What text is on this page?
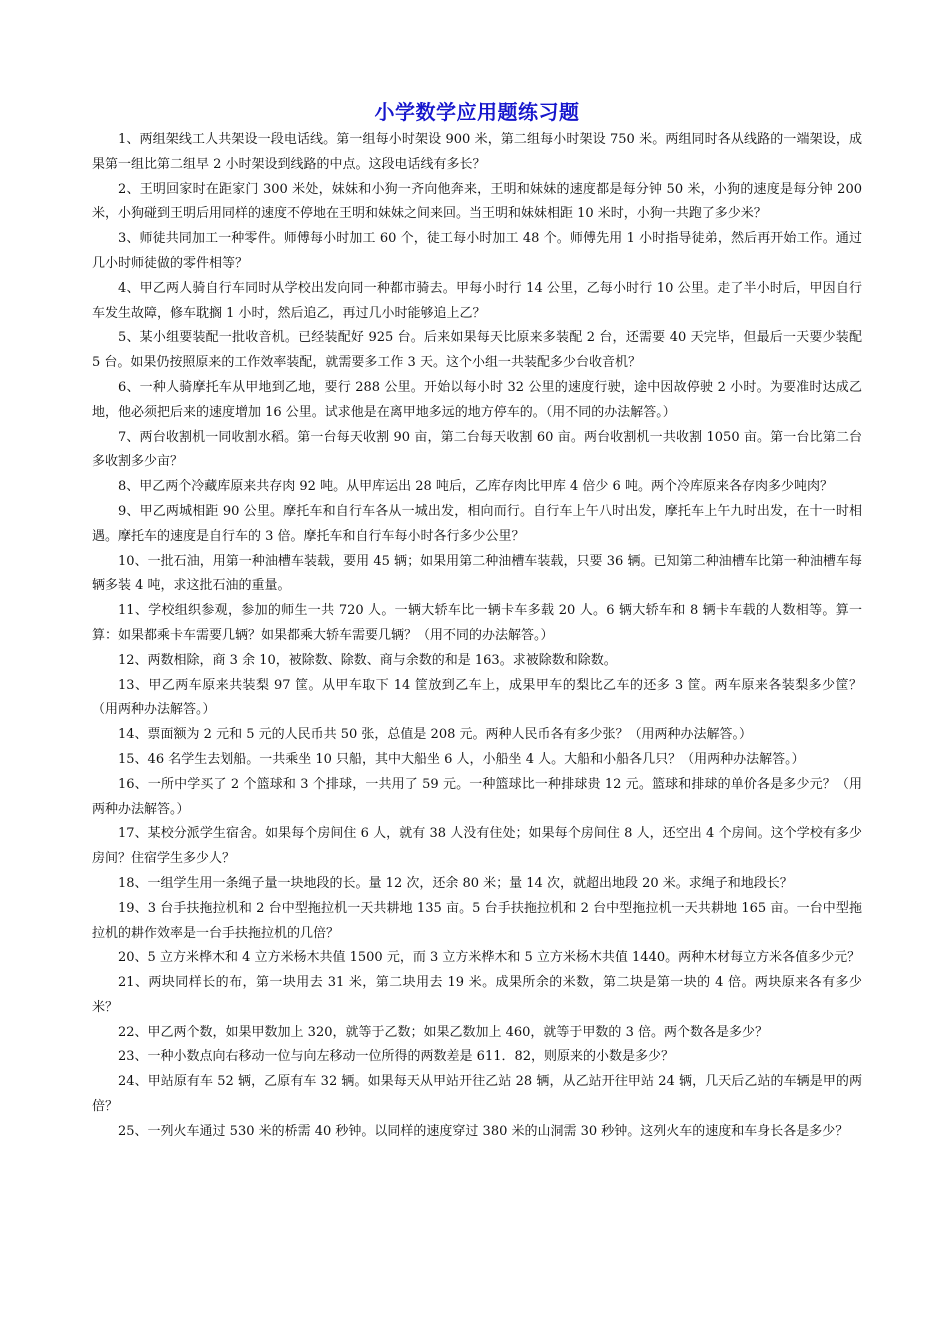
小学数学应用题练习题
1、两组架线工人共架设一段电话线。第一组每小时架设 900 米，第二组每小时架设 750 米。两组同时各从线路的一端架设，成果第一组比第二组早 2 小时架设到线路的中点。这段电话线有多长？
2、王明回家时在距家门 300 米处，妹妹和小狗一齐向他奔来，王明和妹妹的速度都是每分钟 50 米，小狗的速度是每分钟 200 米，小狗碰到王明后用同样的速度不停地在王明和妹妹之间来回。当王明和妹妹相距 10 米时，小狗一共跑了多少米？
3、师徒共同加工一种零件。师傅每小时加工 60 个，徒工每小时加工 48 个。师傅先用 1 小时指导徒弟，然后再开始工作。通过几小时师徒做的零件相等？
4、甲乙两人骑自行车同时从学校出发向同一种都市骑去。甲每小时行 14 公里，乙每小时行 10 公里。走了半小时后，甲因自行车发生故障，修车耽搁 1 小时，然后追乙，再过几小时能够追上乙？
5、某小组要装配一批收音机。已经装配好 925 台。后来如果每天比原来多装配 2 台，还需要 40 天完毕，但最后一天要少装配 5 台。如果仍按照原来的工作效率装配，就需要多工作 3 天。这个小组一共装配多少台收音机？
6、一种人骑摩托车从甲地到乙地，要行 288 公里。开始以每小时 32 公里的速度行驶，途中因故停驶 2 小时。为要准时达成乙地，他必须把后来的速度增加 16 公里。试求他是在离甲地多远的地方停车的。（用不同的办法解答。）
7、两台收割机一同收割水稻。第一台每天收割 90 亩，第二台每天收割 60 亩。两台收割机一共收割 1050 亩。第一台比第二台多收割多少亩？
8、甲乙两个冷藏库原来共存肉 92 吨。从甲库运出 28 吨后，乙库存肉比甲库 4 倍少 6 吨。两个冷库原来各存肉多少吨肉？
9、甲乙两城相距 90 公里。摩托车和自行车各从一城出发，相向而行。自行车上午八时出发，摩托车上午九时出发，在十一时相遇。摩托车的速度是自行车的 3 倍。摩托车和自行车每小时各行多少公里？
10、一批石油，用第一种油槽车装载，要用 45 辆；如果用第二种油槽车装载，只要 36 辆。已知第二种油槽车比第一种油槽车每辆多装 4 吨，求这批石油的重量。
11、学校组织参观，参加的师生一共 720 人。一辆大轿车比一辆卡车多载 20 人。6 辆大轿车和 8 辆卡车载的人数相等。算一算：如果都乘卡车需要几辆？如果都乘大轿车需要几辆？（用不同的办法解答。）
12、两数相除，商 3 余 10，被除数、除数、商与余数的和是 163。求被除数和除数。
13、甲乙两车原来共装梨 97 筐。从甲车取下 14 筐放到乙车上，成果甲车的梨比乙车的还多 3 筐。两车原来各装梨多少筐？（用两种办法解答。）
14、票面额为 2 元和 5 元的人民币共 50 张，总值是 208 元。两种人民币各有多少张？（用两种办法解答。）
15、46 名学生去划船。一共乘坐 10 只船，其中大船坐 6 人，小船坐 4 人。大船和小船各几只？（用两种办法解答。）
16、一所中学买了 2 个篮球和 3 个排球，一共用了 59 元。一种篮球比一种排球贵 12 元。篮球和排球的单价各是多少元？（用两种办法解答。）
17、某校分派学生宿舍。如果每个房间住 6 人，就有 38 人没有住处；如果每个房间住 8 人，还空出 4 个房间。这个学校有多少房间？住宿学生多少人？
18、一组学生用一条绳子量一块地段的长。量 12 次，还余 80 米；量 14 次，就超出地段 20 米。求绳子和地段长？
19、3 台手扶拖拉机和 2 台中型拖拉机一天共耕地 135 亩。5 台手扶拖拉机和 2 台中型拖拉机一天共耕地 165 亩。一台中型拖拉机的耕作效率是一台手扶拖拉机的几倍？
20、5 立方米桦木和 4 立方米杨木共值 1500 元，而 3 立方米桦木和 5 立方米杨木共值 1440。两种木材每立方米各值多少元？
21、两块同样长的布，第一块用去 31 米，第二块用去 19 米。成果所余的米数，第二块是第一块的 4 倍。两块原来各有多少米？
22、甲乙两个数，如果甲数加上 320，就等于乙数；如果乙数加上 460，就等于甲数的 3 倍。两个数各是多少？
23、一种小数点向右移动一位与向左移动一位所得的两数差是 611．82，则原来的小数是多少？
24、甲站原有车 52 辆，乙原有车 32 辆。如果每天从甲站开往乙站 28 辆，从乙站开往甲站 24 辆，几天后乙站的车辆是甲的两倍？
25、一列火车通过 530 米的桥需 40 秒钟。以同样的速度穿过 380 米的山洞需 30 秒钟。这列火车的速度和车身长各是多少？
